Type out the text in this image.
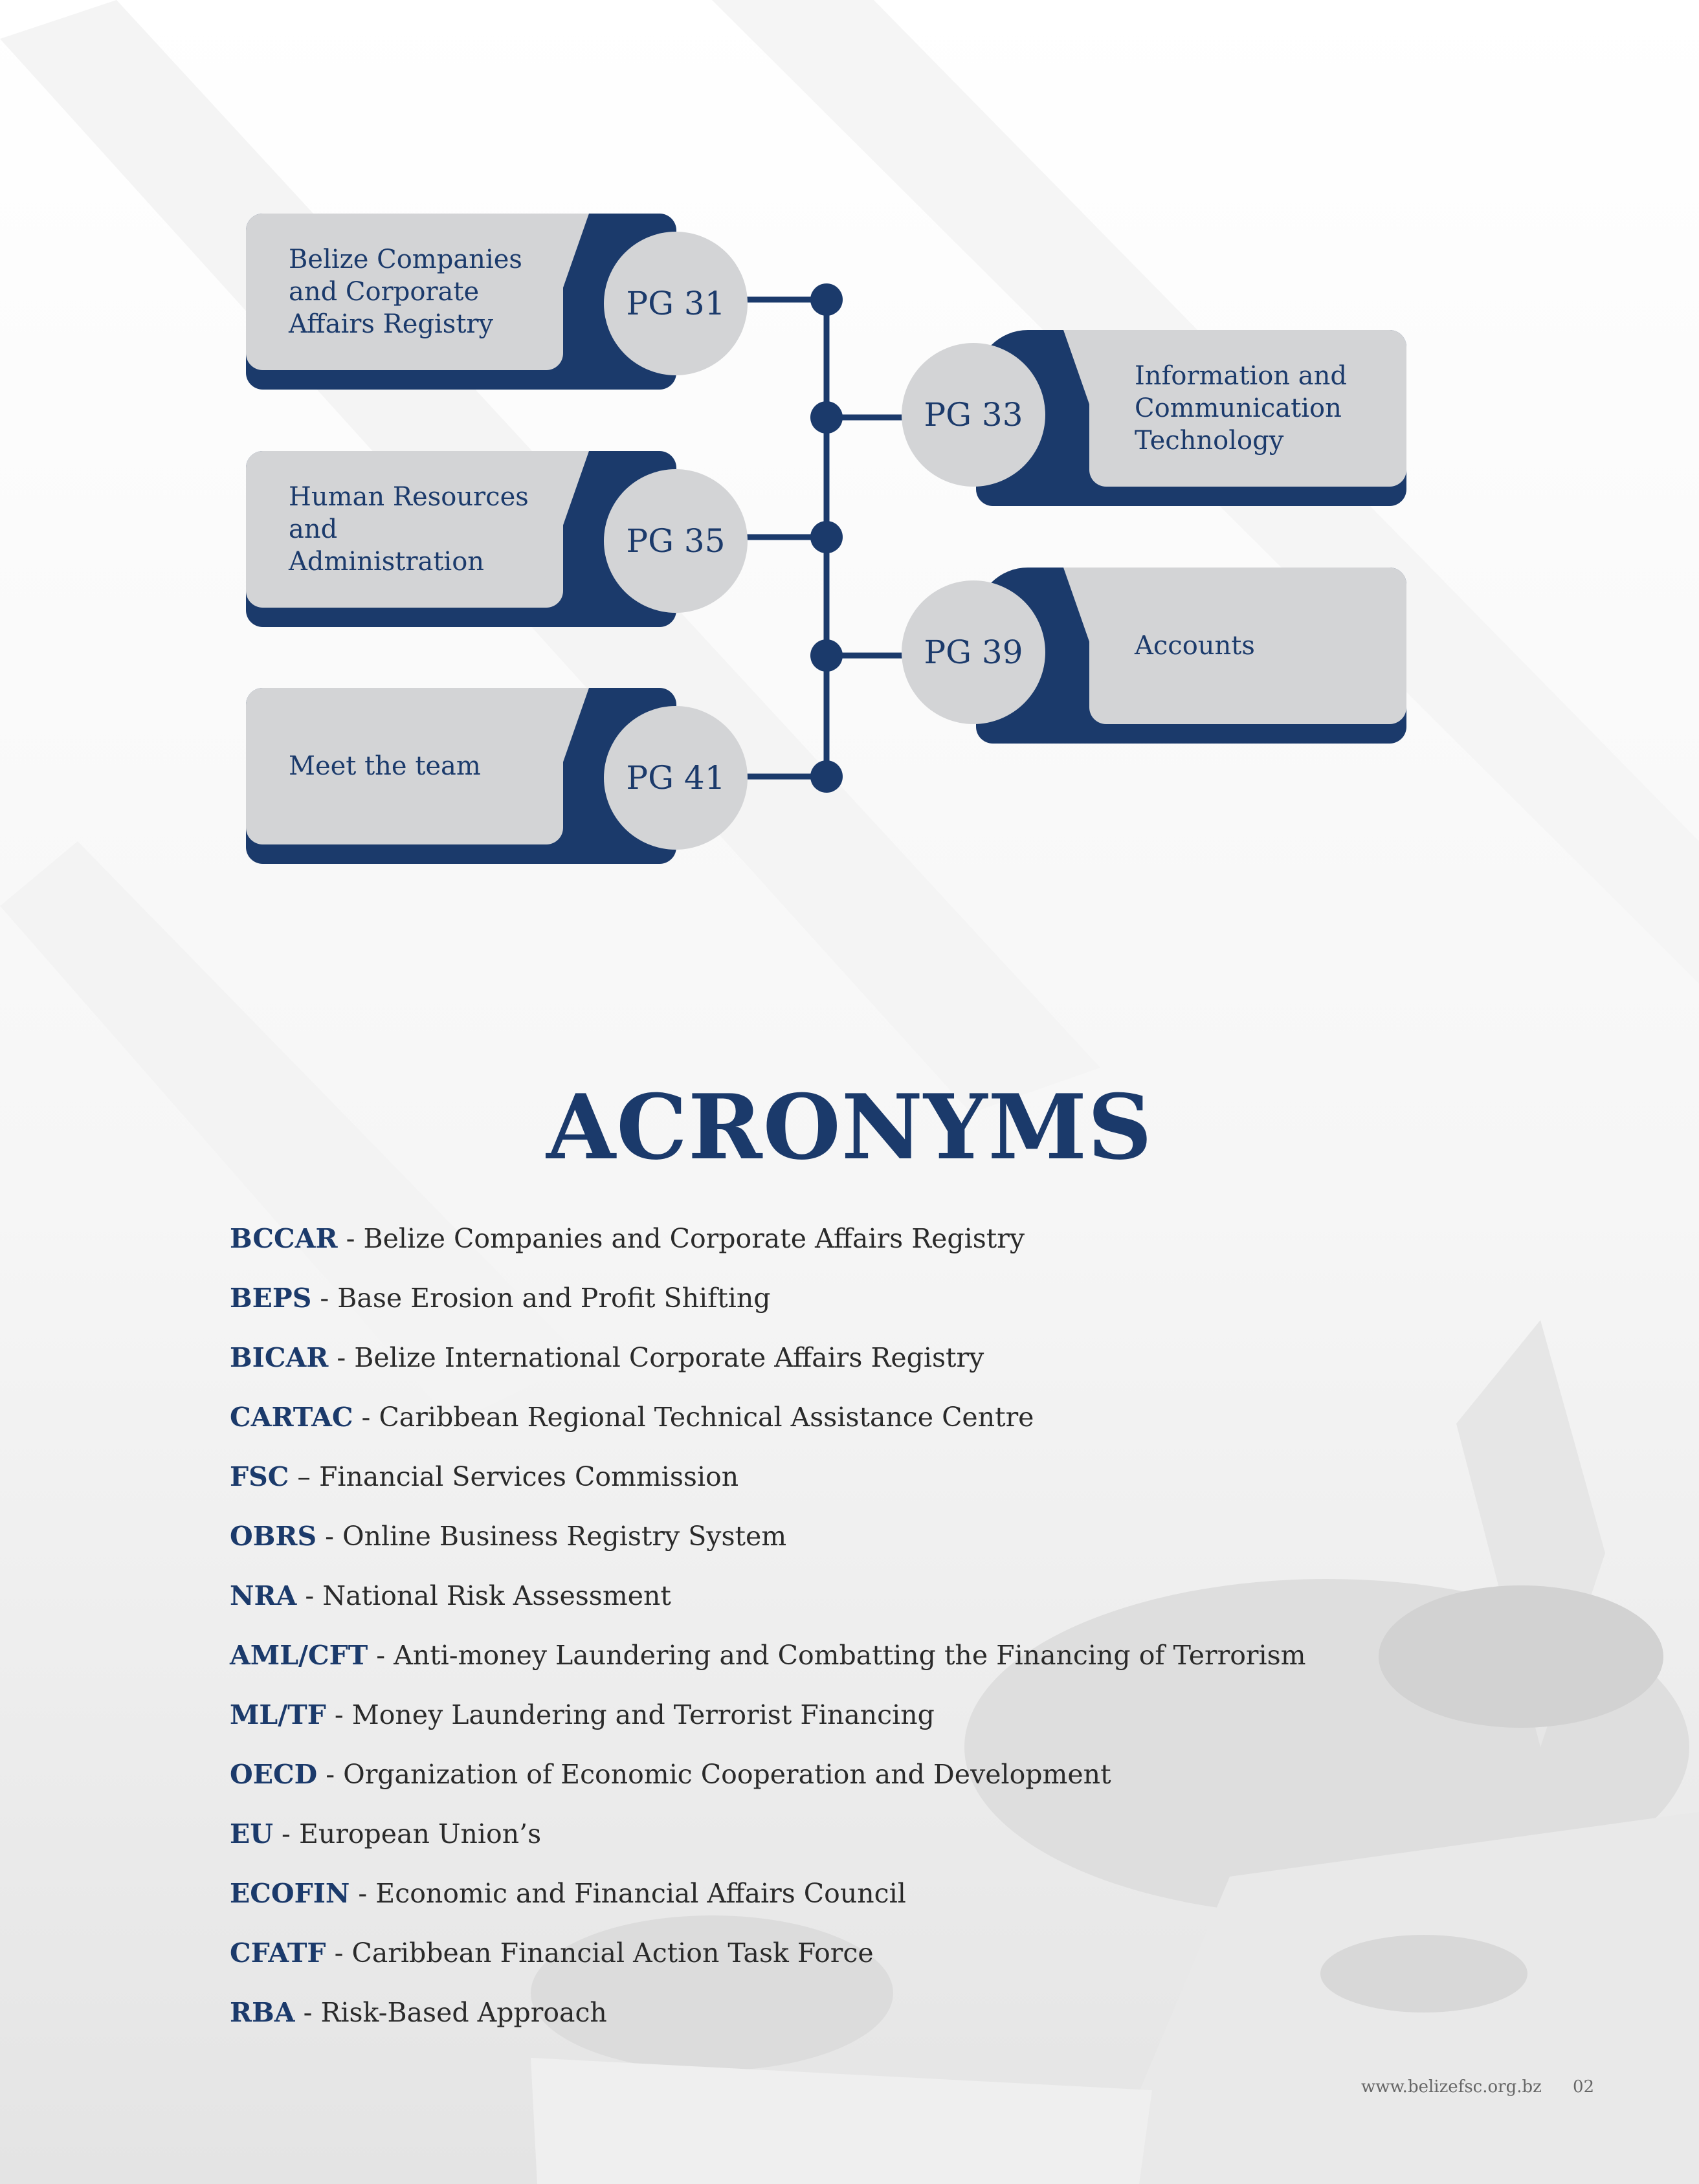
Belize Companies and Corporate Affairs Registry
PG 31
Human Resources and Administration
PG 35
Meet the team	PG 41
Information and Communication Technology
PG 33
Accounts
PG 39
ACRONYMS
BCCAR - Belize Companies and Corporate Affairs Registry
BEPS - Base Erosion and Profit Shifting
BICAR - Belize International Corporate Affairs Registry
CARTAC - Caribbean Regional Technical Assistance Centre
FSC – Financial Services Commission
OBRS - Online Business Registry System
NRA - National Risk Assessment
AML/CFT - Anti-money Laundering and Combatting the Financing of Terrorism
ML/TF - Money Laundering and Terrorist Financing
OECD - Organization of Economic Cooperation and Development
EU - European Union’s
ECOFIN - Economic and Financial Affairs Council
CFATF - Caribbean Financial Action Task Force
RBA - Risk-Based Approach
www.belizefsc.org.bz 02
